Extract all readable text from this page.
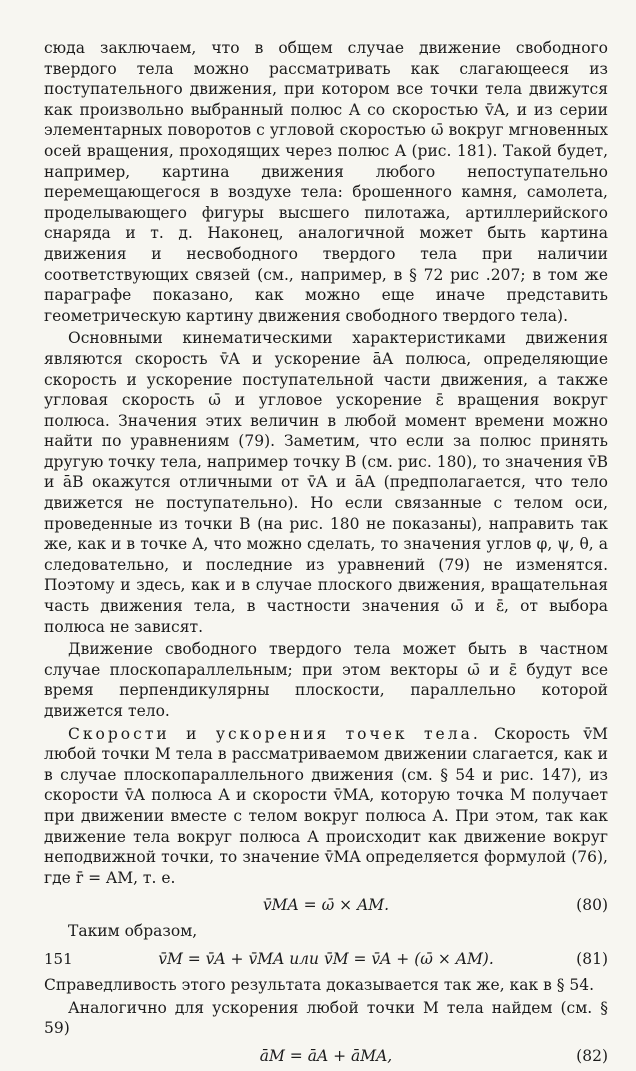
сюда заключаем, что в общем случае движение свободного твердого тела можно рассматривать как слагающееся из поступательного движения, при котором все точки тела движутся как произвольно выбранный полюс A со скоростью v̄A, и из серии элементарных поворотов с угловой скоростью ω̄ вокруг мгновенных осей вращения, проходящих через полюс A (рис. 181). Такой будет, например, картина движения любого непоступательно перемещающегося в воздухе тела: брошенного камня, самолета, проделывающего фигуры высшего пилотажа, артиллерийского снаряда и т. д. Наконец, аналогичной может быть картина движения и несвободного твердого тела при наличии соответствующих связей (см., например, в § 72 рис .207; в том же параграфе показано, как можно еще иначе представить геометрическую картину движения свободного твердого тела).

Основными кинематическими характеристиками движения являются скорость v̄A и ускорение āA полюса, определяющие скорость и ускорение поступательной части движения, а также угловая скорость ω̄ и угловое ускорение ε̄ вращения вокруг полюса. Значения этих величин в любой момент времени можно найти по уравнениям (79). Заметим, что если за полюс принять другую точку тела, например точку B (см. рис. 180), то значения v̄B и āB окажутся отличными от v̄A и āA (предполагается, что тело движется не поступательно). Но если связанные с телом оси, проведенные из точки B (на рис. 180 не показаны), направить так же, как и в точке A, что можно сделать, то значения углов φ, ψ, θ, а следовательно, и последние из уравнений (79) не изменятся. Поэтому и здесь, как и в случае плоского движения, вращательная часть движения тела, в частности значения ω̄ и ε̄, от выбора полюса не зависят.

Движение свободного твердого тела может быть в частном случае плоскопараллельным; при этом векторы ω̄ и ε̄ будут все время перпендикулярны плоскости, параллельно которой движется тело.

Скорости и ускорения точек тела. Скорость v̄M любой точки M тела в рассматриваемом движении слагается, как и в случае плоскопараллельного движения (см. § 54 и рис. 147), из скорости v̄A полюса A и скорости v̄MA, которую точка M получает при движении вместе с телом вокруг полюса A. При этом, так как движение тела вокруг полюса A происходит как движение вокруг неподвижной точки, то значение v̄MA определяется формулой (76), где r̄ = AM, т. е.

v̄MA = ω̄ × AM.	(80)

Таким образом,

v̄M = v̄A + v̄MA или v̄M = v̄A + (ω̄ × AM).	(81)

Справедливость этого результата доказывается так же, как в § 54.

Аналогично для ускорения любой точки M тела найдем (см. § 59)

āM = āA + āMA,	(82)
151
